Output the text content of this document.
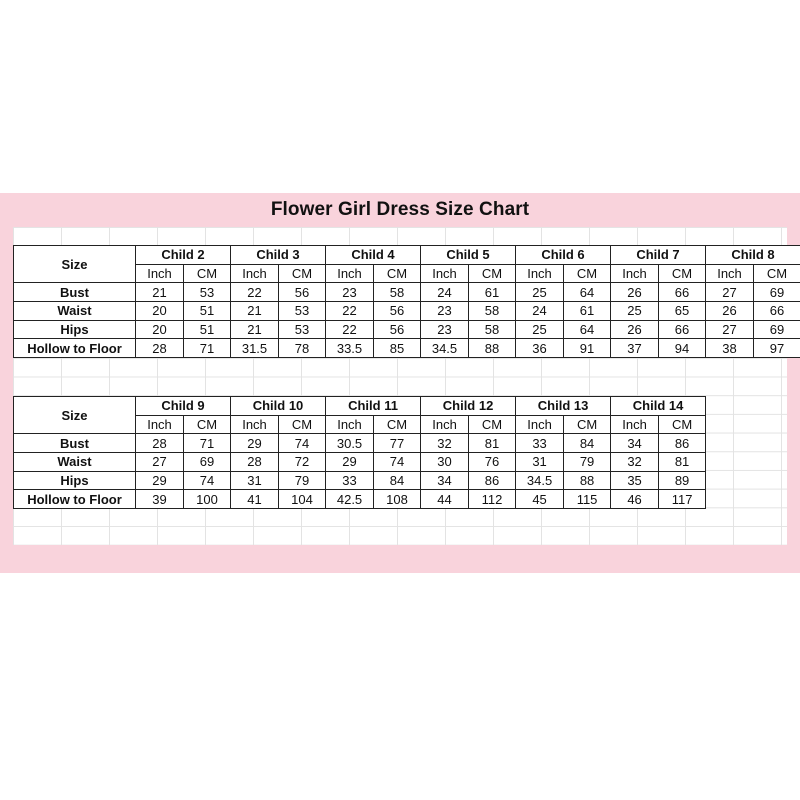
Flower Girl Dress Size Chart
Size	Child 2		Child 3		Child 4		Child 5		Child 6		Child 7		Child 8	
	Inch	CM	Inch	CM	Inch	CM	Inch	CM	Inch	CM	Inch	CM	Inch	CM
Bust	21	53	22	56	23	58	24	61	25	64	26	66	27	69
Waist	20	51	21	53	22	56	23	58	24	61	25	65	26	66
Hips	20	51	21	53	22	56	23	58	25	64	26	66	27	69
Hollow to Floor	28	71	31.5	78	33.5	85	34.5	88	36	91	37	94	38	97
Size	Child 9		Child 10		Child 11		Child 12		Child 13		Child 14	
	Inch	CM	Inch	CM	Inch	CM	Inch	CM	Inch	CM	Inch	CM
Bust	28	71	29	74	30.5	77	32	81	33	84	34	86
Waist	27	69	28	72	29	74	30	76	31	79	32	81
Hips	29	74	31	79	33	84	34	86	34.5	88	35	89
Hollow to Floor	39	100	41	104	42.5	108	44	112	45	115	46	117
